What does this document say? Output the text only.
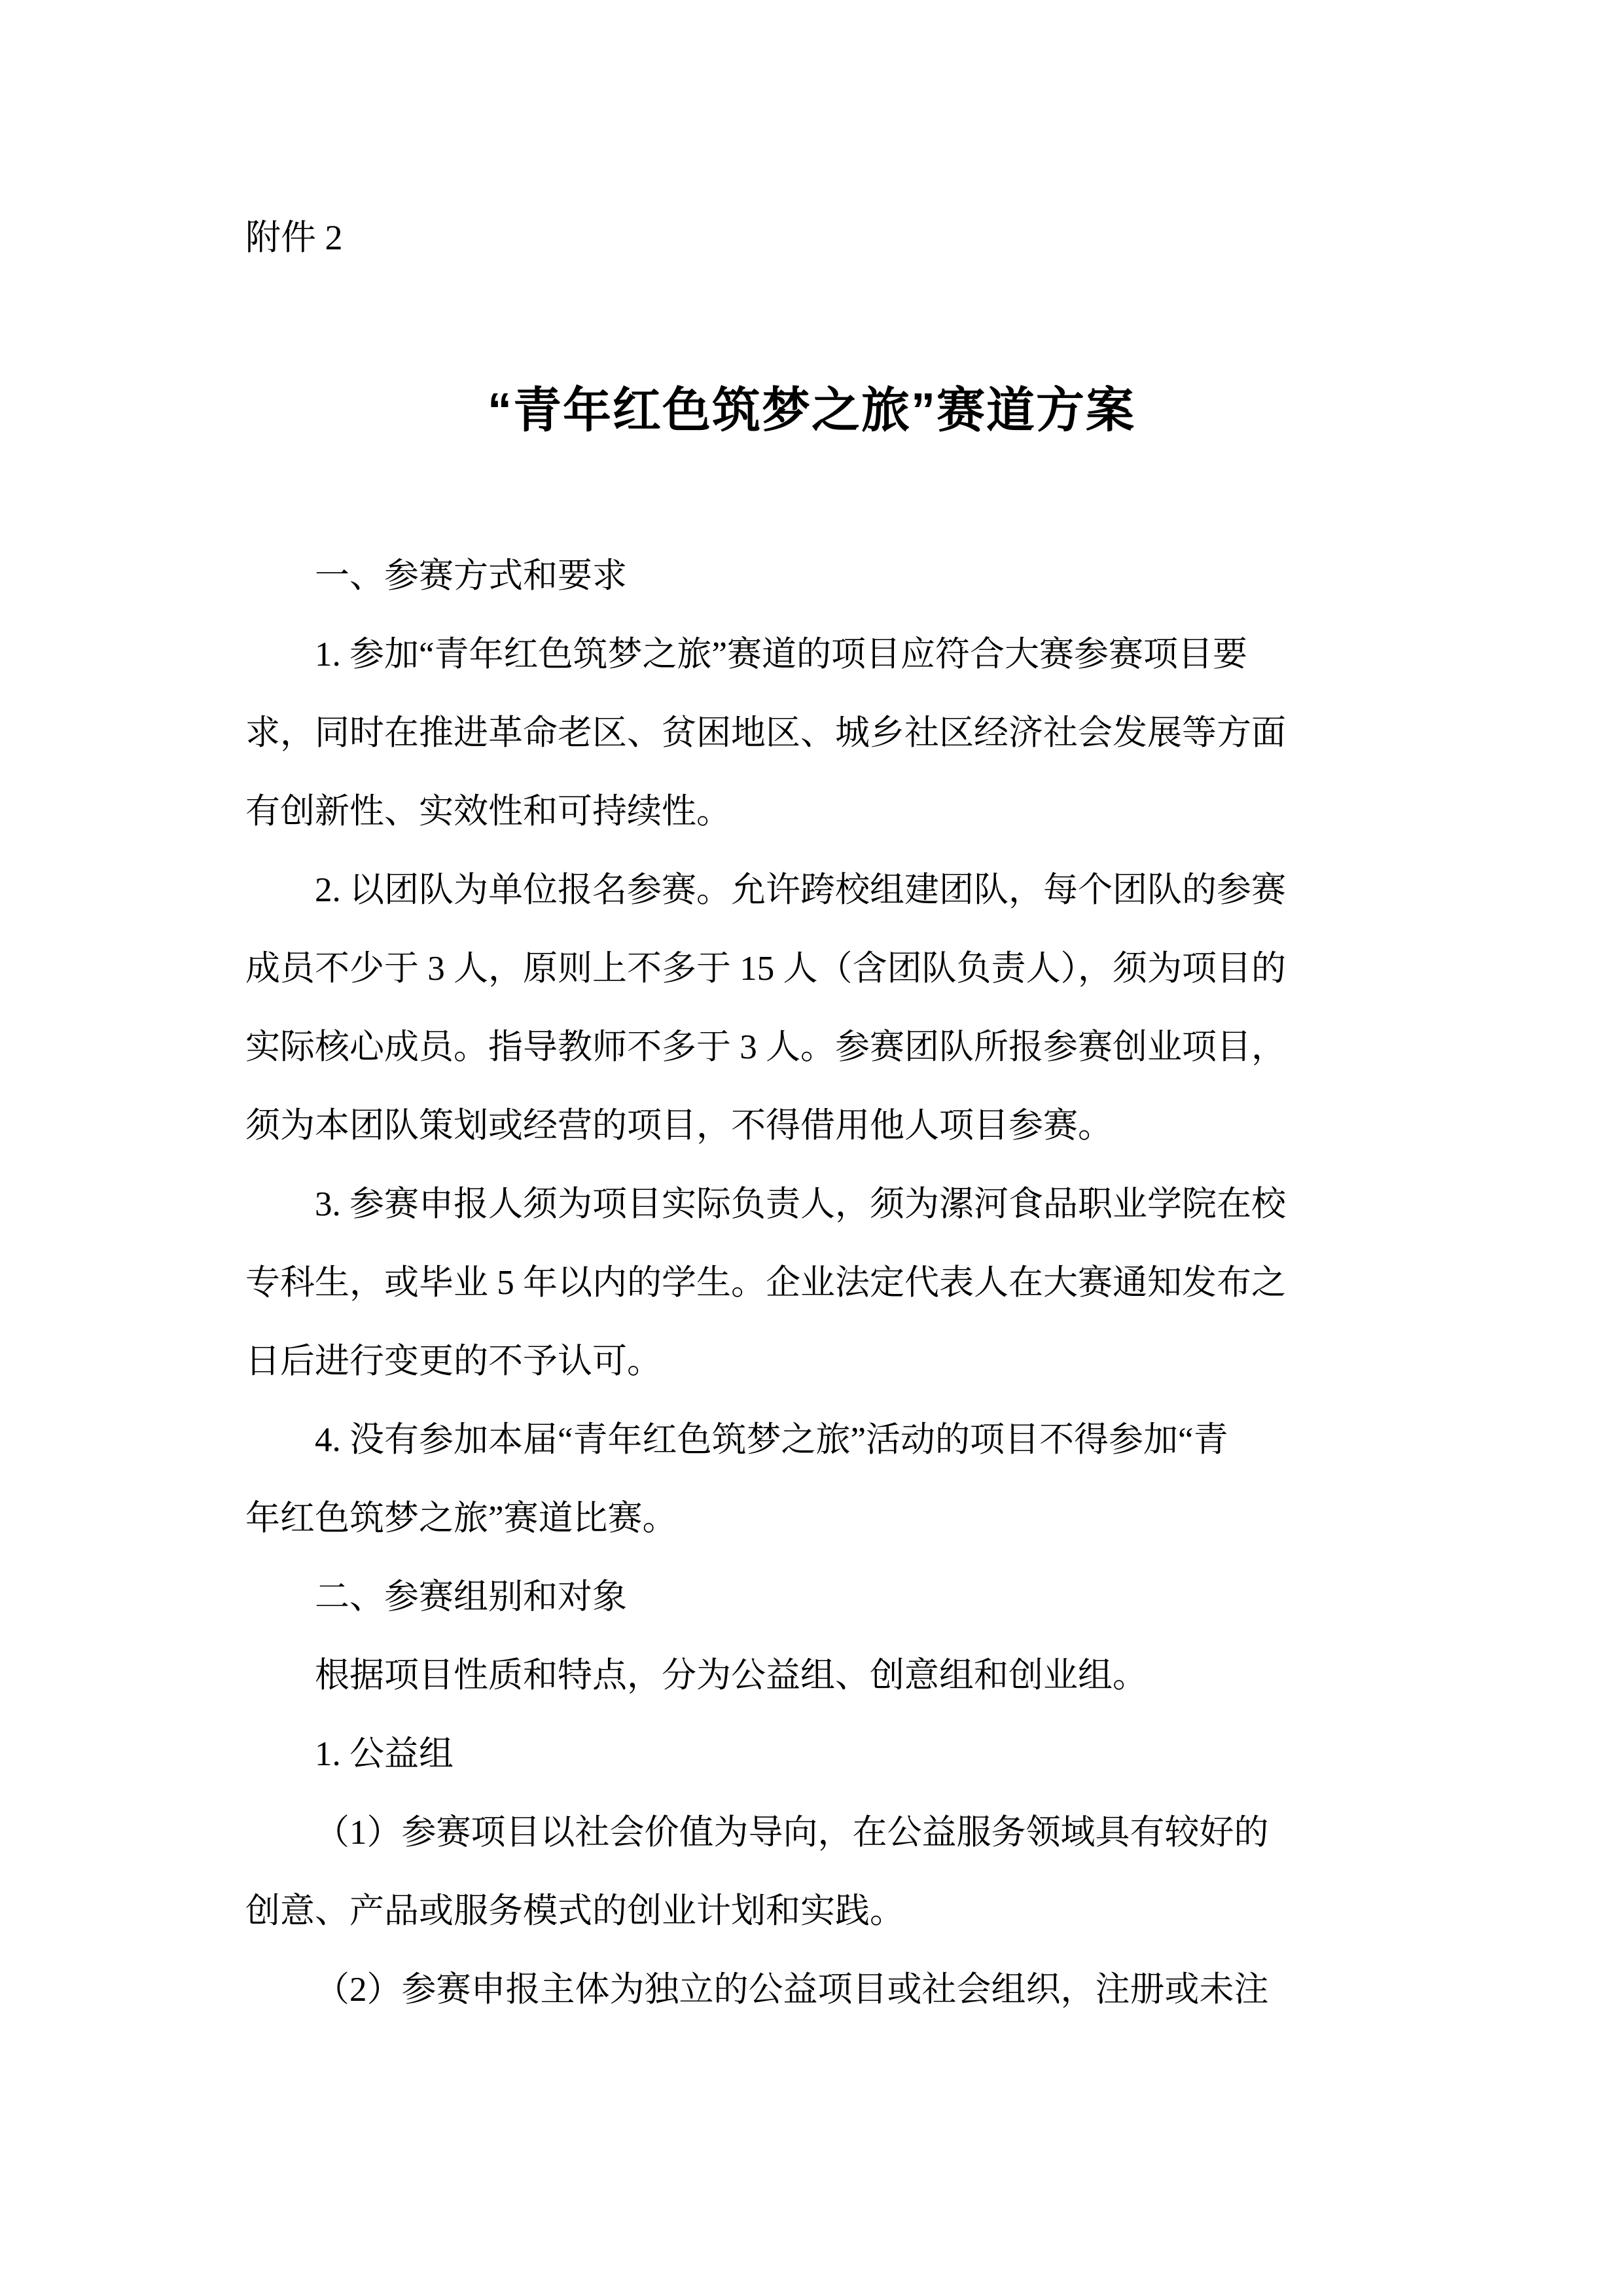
附件 2
“青年红色筑梦之旅”赛道方案
一、参赛方式和要求
1. 参加“青年红色筑梦之旅”赛道的项目应符合大赛参赛项目要
求，同时在推进革命老区、贫困地区、城乡社区经济社会发展等方面
有创新性、实效性和可持续性。
2. 以团队为单位报名参赛。允许跨校组建团队，每个团队的参赛
成员不少于 3 人，原则上不多于 15 人（含团队负责人），须为项目的
实际核心成员。指导教师不多于 3 人。参赛团队所报参赛创业项目，
须为本团队策划或经营的项目，不得借用他人项目参赛。
3. 参赛申报人须为项目实际负责人，须为漯河食品职业学院在校
专科生，或毕业 5 年以内的学生。企业法定代表人在大赛通知发布之
日后进行变更的不予认可。
4. 没有参加本届“青年红色筑梦之旅”活动的项目不得参加“青
年红色筑梦之旅”赛道比赛。
二、参赛组别和对象
根据项目性质和特点，分为公益组、创意组和创业组。
1. 公益组
（1）参赛项目以社会价值为导向，在公益服务领域具有较好的
创意、产品或服务模式的创业计划和实践。
（2）参赛申报主体为独立的公益项目或社会组织，注册或未注
